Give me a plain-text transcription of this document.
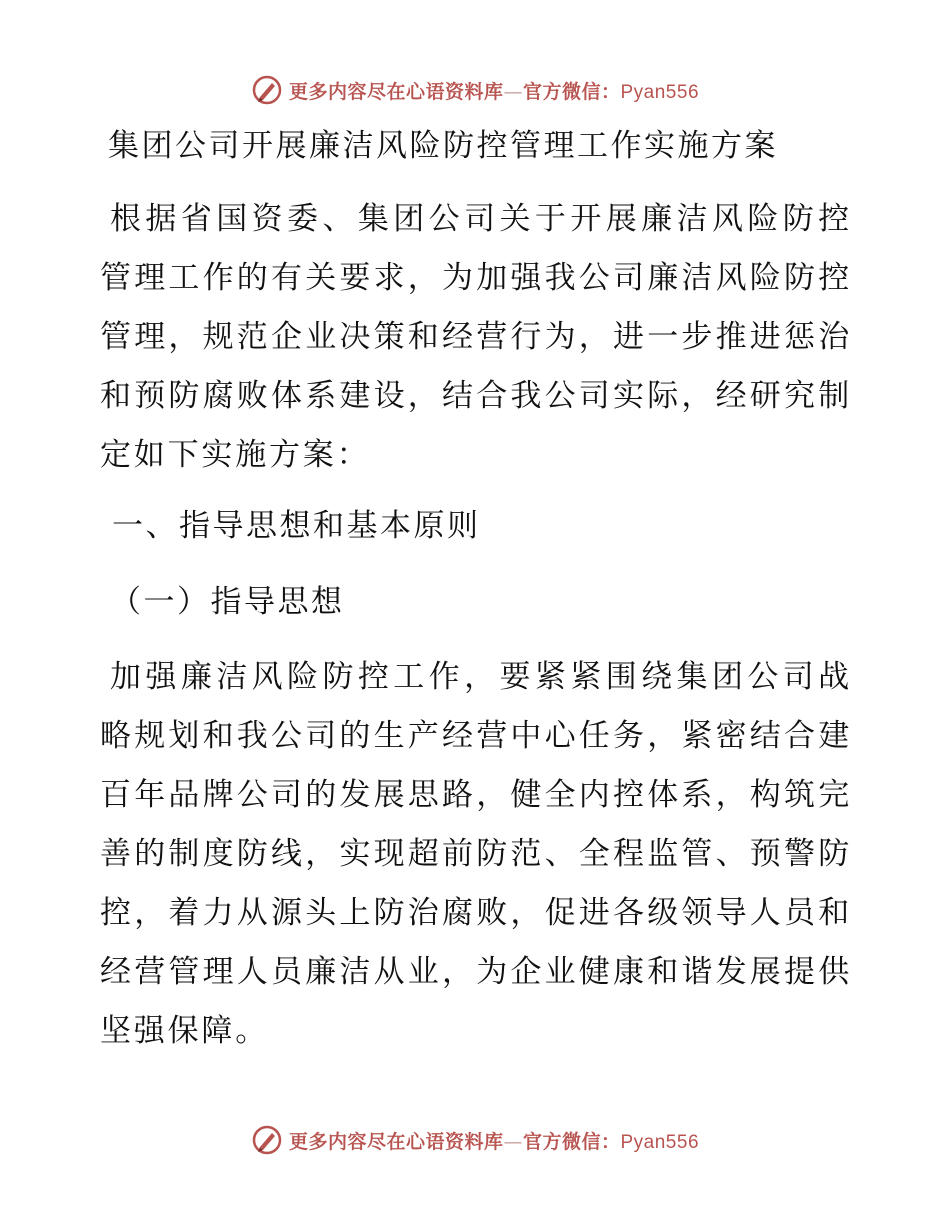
更多内容尽在心语资料库—官方微信：Pyan556
集团公司开展廉洁风险防控管理工作实施方案

根据省国资委、集团公司关于开展廉洁风险防控管理工作的有关要求，为加强我公司廉洁风险防控管理，规范企业决策和经营行为，进一步推进惩治和预防腐败体系建设，结合我公司实际，经研究制定如下实施方案：

一、指导思想和基本原则
（一）指导思想

加强廉洁风险防控工作，要紧紧围绕集团公司战略规划和我公司的生产经营中心任务，紧密结合建百年品牌公司的发展思路，健全内控体系，构筑完善的制度防线，实现超前防范、全程监管、预警防控，着力从源头上防治腐败，促进各级领导人员和经营管理人员廉洁从业，为企业健康和谐发展提供坚强保障。

更多内容尽在心语资料库—官方微信：Pyan556
